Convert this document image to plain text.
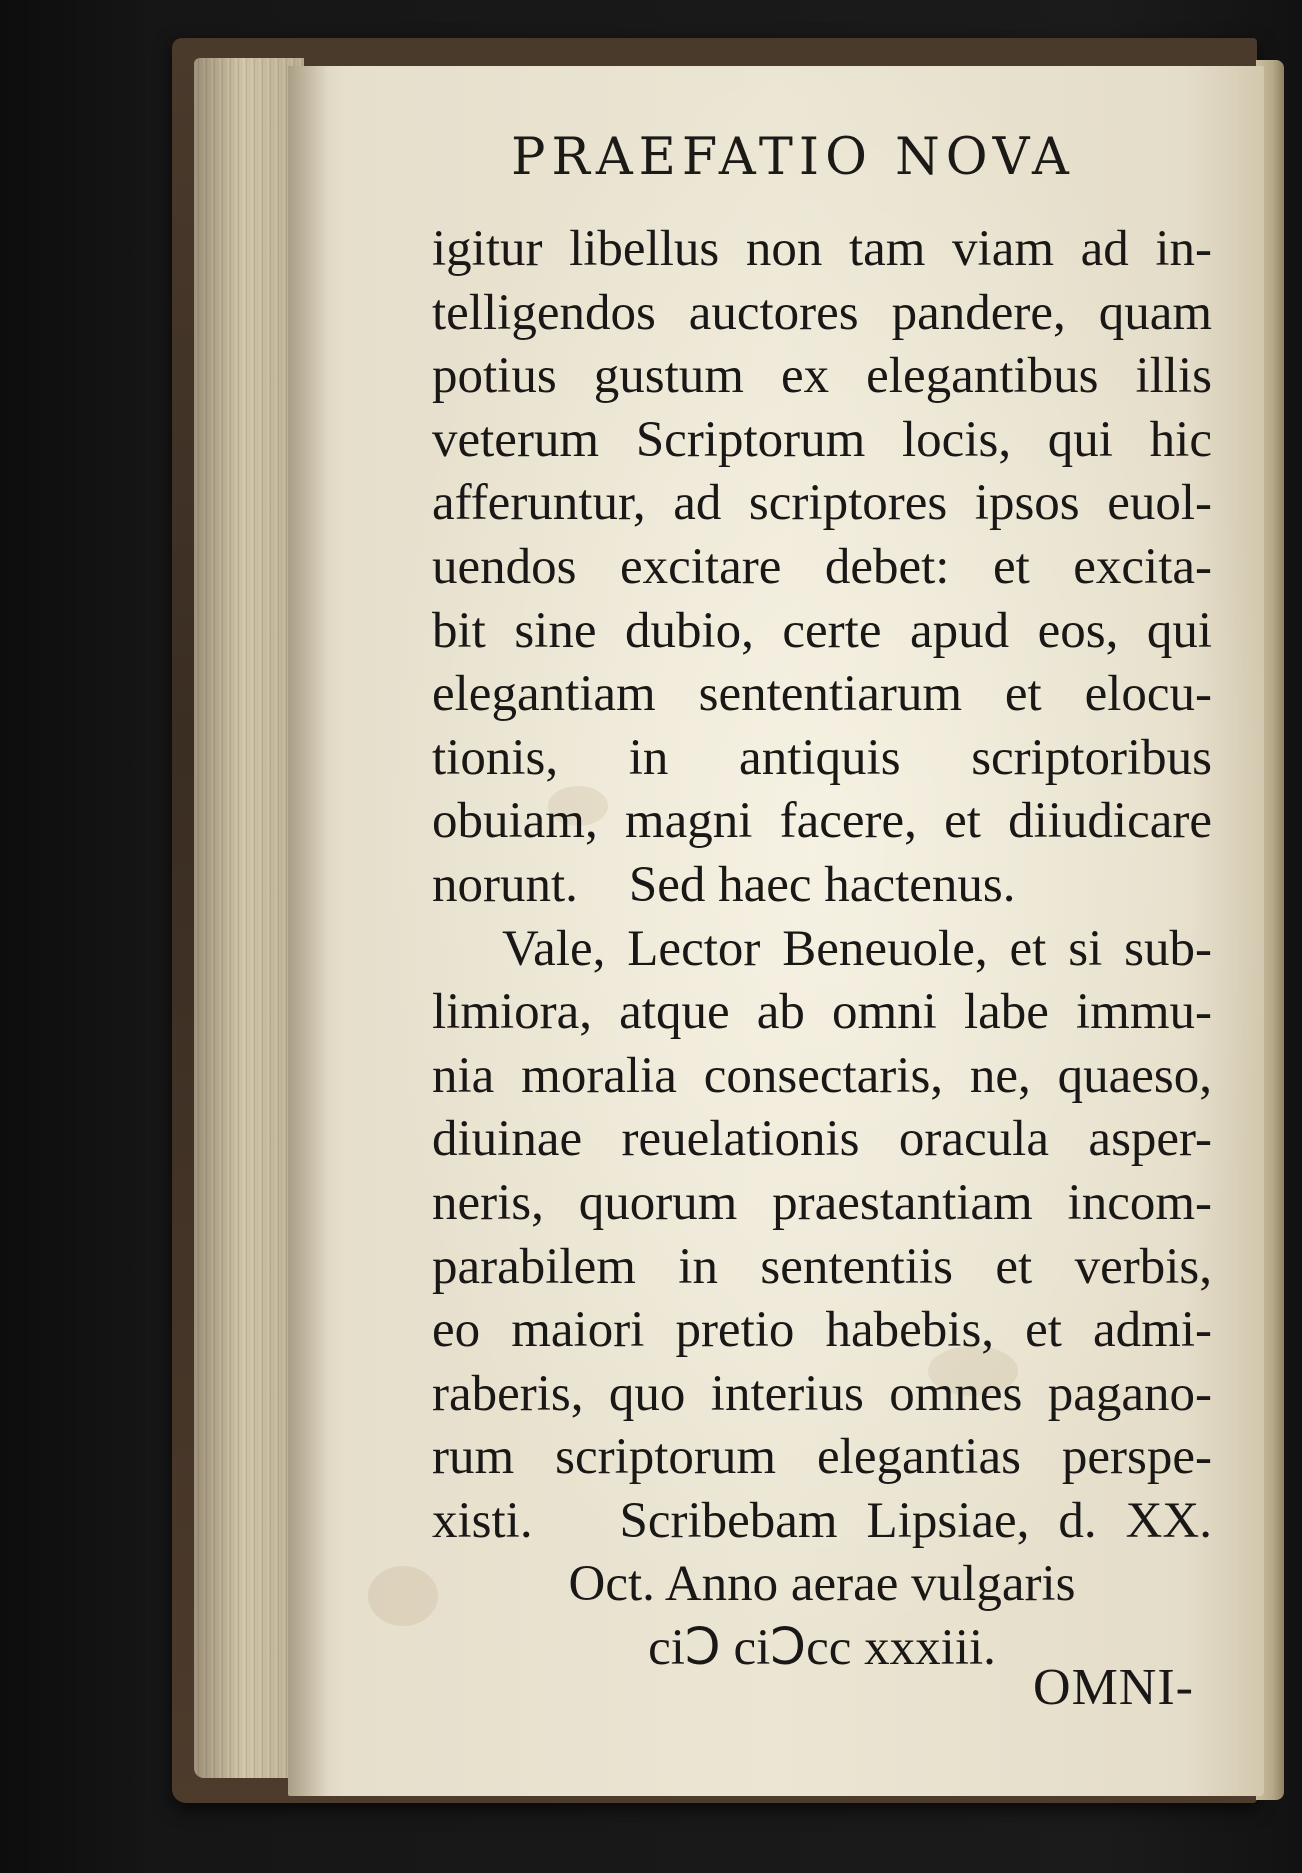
PRAEFATIO NOVA
igitur libellus non tam viam ad in-
telligendos auctores pandere, quam
potius gustum ex elegantibus illis
veterum Scriptorum locis, qui hic
afferuntur, ad scriptores ipsos euol-
uendos excitare debet: et excita-
bit sine dubio, certe apud eos, qui
elegantiam sententiarum et elocu-
tionis, in antiquis scriptoribus
obuiam, magni facere, et diiudicare
norunt.    Sed haec hactenus.
Vale, Lector Beneuole, et si sub-
limiora, atque ab omni labe immu-
nia moralia consectaris, ne, quaeso,
diuinae reuelationis oracula asper-
neris, quorum praestantiam incom-
parabilem in sententiis et verbis,
eo maiori pretio habebis, et admi-
raberis, quo interius omnes pagano-
rum scriptorum elegantias perspe-
xisti.   Scribebam Lipsiae, d. XX.
Oct. Anno aerae vulgaris
ciↃ ciↃcc xxxiii.
OMNI-
